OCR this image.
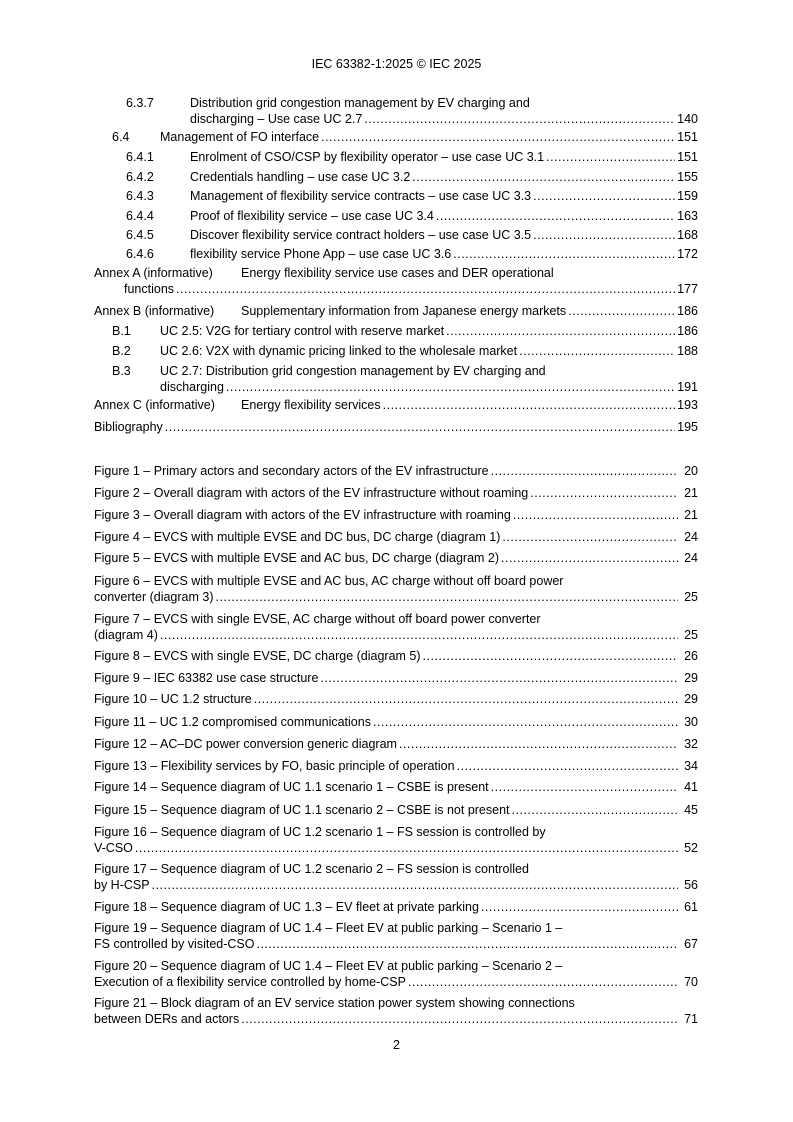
IEC 63382-1:2025 © IEC 2025
6.3.7	Distribution grid congestion management by EV charging and
discharging – Use case UC 2.7 .....	140
6.4 Management of FO interface .....	151
6.4.1	Enrolment of CSO/CSP by flexibility operator – use case UC 3.1 .....	151
6.4.2	Credentials handling – use case UC 3.2 .....	155
6.4.3	Management of flexibility service contracts – use case UC 3.3 .....	159
6.4.4	Proof of flexibility service – use case UC 3.4 .....	163
6.4.5	Discover flexibility service contract holders – use case UC 3.5 .....	168
6.4.6	flexibility service Phone App – use case UC 3.6 .....	172
Annex A (informative) Energy flexibility service use cases and DER operational
functions .....	177
Annex B (informative) Supplementary information from Japanese energy markets .....	186
B.1 UC 2.5: V2G for tertiary control with reserve market .....	186
B.2 UC 2.6: V2X with dynamic pricing linked to the wholesale market .....	188
B.3 UC 2.7: Distribution grid congestion management by EV charging and
discharging .....	191
Annex C (informative) Energy flexibility services .....	193
Bibliography .....	195
Figure 1 – Primary actors and secondary actors of the EV infrastructure .....	20
Figure 2 – Overall diagram with actors of the EV infrastructure without roaming .....	21
Figure 3 – Overall diagram with actors of the EV infrastructure with roaming .....	21
Figure 4 – EVCS with multiple EVSE and DC bus, DC charge (diagram 1) .....	24
Figure 5 – EVCS with multiple EVSE and AC bus, DC charge (diagram 2) .....	24
Figure 6 – EVCS with multiple EVSE and AC bus, AC charge without off board power
converter (diagram 3) .....	25
Figure 7 – EVCS with single EVSE, AC charge without off board power converter
(diagram 4) .....	25
Figure 8 – EVCS with single EVSE, DC charge (diagram 5) .....	26
Figure 9 – IEC 63382 use case structure .....	29
Figure 10 – UC 1.2 structure .....	29
Figure 11 – UC 1.2 compromised communications .....	30
Figure 12 – AC–DC power conversion generic diagram .....	32
Figure 13 – Flexibility services by FO, basic principle of operation .....	34
Figure 14 – Sequence diagram of UC 1.1 scenario 1 – CSBE is present .....	41
Figure 15 – Sequence diagram of UC 1.1 scenario 2 – CSBE is not present .....	45
Figure 16 – Sequence diagram of UC 1.2 scenario 1 – FS session is controlled by
V-CSO .....	52
Figure 17 – Sequence diagram of UC 1.2 scenario 2 – FS session is controlled
by H-CSP .....	56
Figure 18 – Sequence diagram of UC 1.3 – EV fleet at private parking .....	61
Figure 19 – Sequence diagram of UC 1.4 – Fleet EV at public parking – Scenario 1 –
FS controlled by visited-CSO .....	67
Figure 20 – Sequence diagram of UC 1.4 – Fleet EV at public parking – Scenario 2 –
Execution of a flexibility service controlled by home-CSP .....	70
Figure 21 – Block diagram of an EV service station power system showing connections
between DERs and actors .....	71
2
